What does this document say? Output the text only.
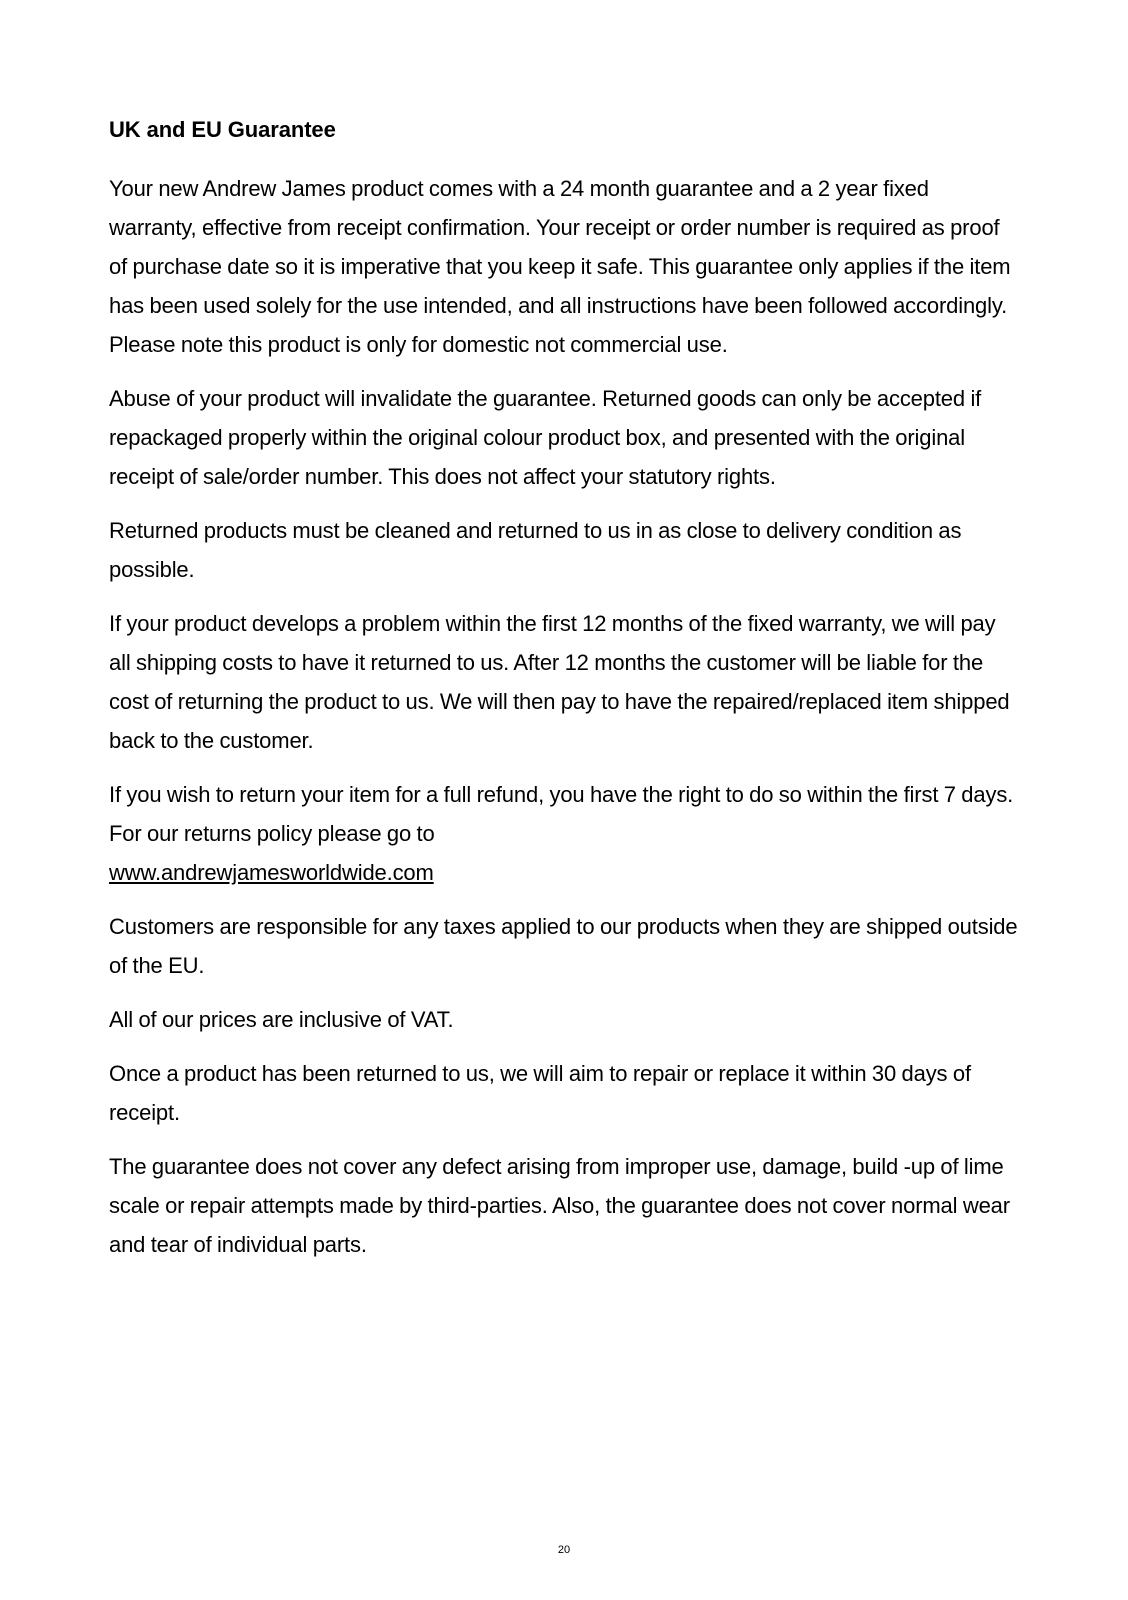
UK and EU Guarantee

Your new Andrew James product comes with a 24 month guarantee and a 2 year fixed warranty, effective from receipt confirmation. Your receipt or order number is required as proof of purchase date so it is imperative that you keep it safe. This guarantee only applies if the item has been used solely for the use intended, and all instructions have been followed accordingly. Please note this product is only for domestic not commercial use.

Abuse of your product will invalidate the guarantee. Returned goods can only be accepted if repackaged properly within the original colour product box, and presented with the original receipt of sale/order number. This does not affect your statutory rights.

Returned products must be cleaned and returned to us in as close to delivery condition as possible.

If your product develops a problem within the first 12 months of the fixed warranty, we will pay all shipping costs to have it returned to us. After 12 months the customer will be liable for the cost of returning the product to us. We will then pay to have the repaired/replaced item shipped back to the customer.

If you wish to return your item for a full refund, you have the right to do so within the first 7 days. For our returns policy please go to

www.andrewjamesworldwide.com

Customers are responsible for any taxes applied to our products when they are shipped outside of the EU.

All of our prices are inclusive of VAT.

Once a product has been returned to us, we will aim to repair or replace it within 30 days of receipt.

The guarantee does not cover any defect arising from improper use, damage, build -up of lime scale or repair attempts made by third-parties. Also, the guarantee does not cover normal wear and tear of individual parts.

20
